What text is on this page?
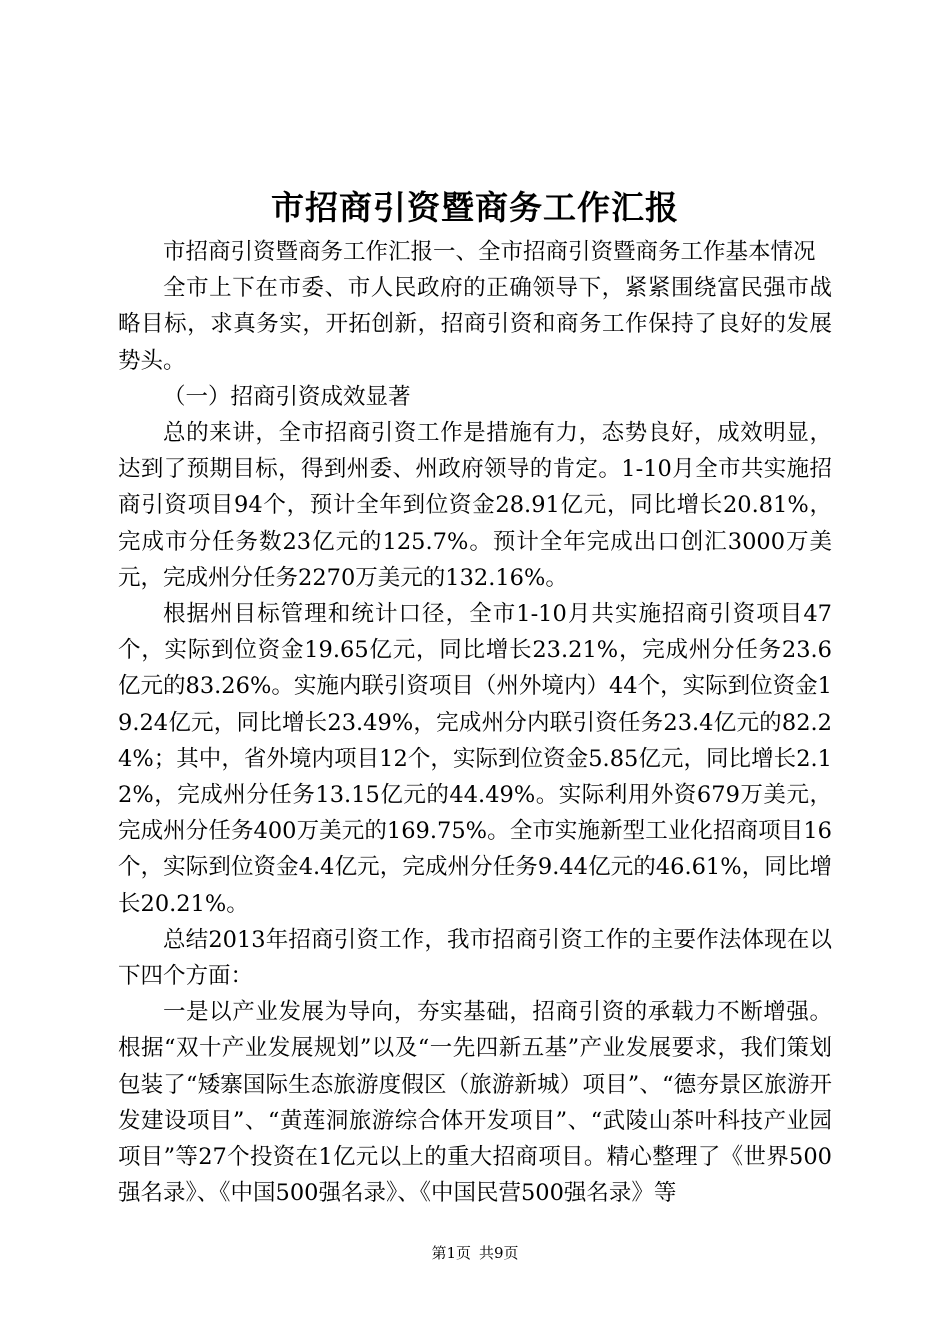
市招商引资暨商务工作汇报

市招商引资暨商务工作汇报一、全市招商引资暨商务工作基本情况

全市上下在市委、市人民政府的正确领导下，紧紧围绕富民强市战略目标，求真务实，开拓创新，招商引资和商务工作保持了良好的发展势头。

（一）招商引资成效显著

总的来讲，全市招商引资工作是措施有力，态势良好，成效明显，达到了预期目标，得到州委、州政府领导的肯定。1-10月全市共实施招商引资项目94个，预计全年到位资金28.91亿元，同比增长20.81%，完成市分任务数23亿元的125.7%。预计全年完成出口创汇3000万美元，完成州分任务2270万美元的132.16%。

根据州目标管理和统计口径，全市1-10月共实施招商引资项目47个，实际到位资金19.65亿元，同比增长23.21%，完成州分任务23.6亿元的83.26%。实施内联引资项目（州外境内）44个，实际到位资金19.24亿元，同比增长23.49%，完成州分内联引资任务23.4亿元的82.24%；其中，省外境内项目12个，实际到位资金5.85亿元，同比增长2.12%，完成州分任务13.15亿元的44.49%。实际利用外资679万美元，完成州分任务400万美元的169.75%。全市实施新型工业化招商项目16个，实际到位资金4.4亿元，完成州分任务9.44亿元的46.61%，同比增长20.21%。

总结2013年招商引资工作，我市招商引资工作的主要作法体现在以下四个方面：

一是以产业发展为导向，夯实基础，招商引资的承载力不断增强。根据“双十产业发展规划”以及“一先四新五基”产业发展要求，我们策划包装了“矮寨国际生态旅游度假区（旅游新城）项目”、“德夯景区旅游开发建设项目”、“黄莲洞旅游综合体开发项目”、“武陵山茶叶科技产业园项目”等27个投资在1亿元以上的重大招商项目。精心整理了《世界500强名录》、《中国500强名录》、《中国民营500强名录》等

第1页 共9页
